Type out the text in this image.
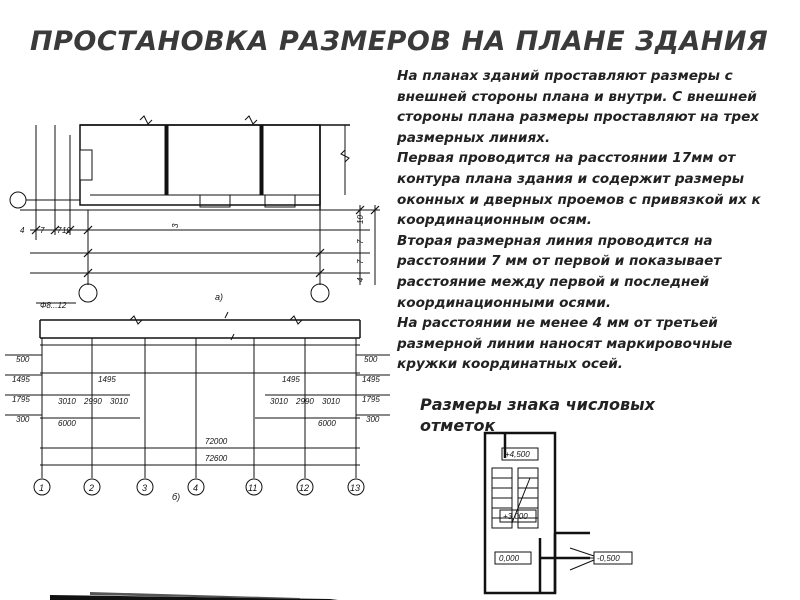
ПРОСТАНОВКА РАЗМЕРОВ НА ПЛАНЕ ЗДАНИЯ

На планах зданий проставляют размеры с внешней стороны плана и внутри. С внешней стороны плана размеры проставляют на трех размерных линиях.

Первая проводится на расстоянии 17мм от контура плана здания и содержит размеры оконных и дверных проемов с привязкой их к координационным осям.

Вторая размерная линия проводится на расстоянии 7 мм от первой и показывает расстояние между первой и последней координационными осями.

На расстоянии не менее 4 мм от третьей размерной линии наносят маркировочные кружки координатных осей.

Размеры знака числовых
отметок
4 7 7 10
10
7
7
4
3
а)
Ф8...12
500
1495
1795
300
500
1495
1795
300
1495
3010 2990 3010
6000
1495
3010 2990 3010
6000
72000
72600
1	2	3	4	11	12	13
б)
+4,500
+3,000
0,000	-0,500
